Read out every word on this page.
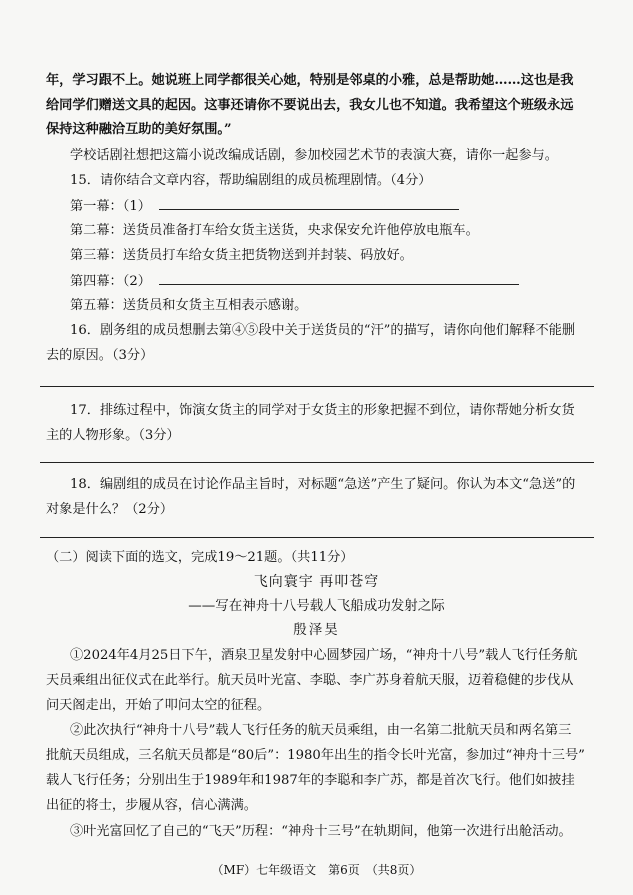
年，学习跟不上。她说班上同学都很关心她，特别是邻桌的小雅，总是帮助她……这也是我
给同学们赠送文具的起因。这事还请你不要说出去，我女儿也不知道。我希望这个班级永远
保持这种融洽互助的美好氛围。”
学校话剧社想把这篇小说改编成话剧，参加校园艺术节的表演大赛，请你一起参与。
15．请你结合文章内容，帮助编剧组的成员梳理剧情。（4分）
第一幕：（1）
第二幕：送货员准备打车给女货主送货，央求保安允许他停放电瓶车。
第三幕：送货员打车给女货主把货物送到并封装、码放好。
第四幕：（2）
第五幕：送货员和女货主互相表示感谢。
16．剧务组的成员想删去第④⑤段中关于送货员的“汗”的描写，请你向他们解释不能删
去的原因。（3分）
17．排练过程中，饰演女货主的同学对于女货主的形象把握不到位，请你帮她分析女货
主的人物形象。（3分）
18．编剧组的成员在讨论作品主旨时，对标题“急送”产生了疑问。你认为本文“急送”的
对象是什么？（2分）
（二）阅读下面的选文，完成19～21题。（共11分）
飞向寰宇 再叩苍穹
——写在神舟十八号载人飞船成功发射之际
殷泽昊
①2024年4月25日下午，酒泉卫星发射中心圆梦园广场，“神舟十八号”载人飞行任务航
天员乘组出征仪式在此举行。航天员叶光富、李聪、李广苏身着航天服，迈着稳健的步伐从
问天阁走出，开始了叩问太空的征程。
②此次执行“神舟十八号”载人飞行任务的航天员乘组，由一名第二批航天员和两名第三
批航天员组成，三名航天员都是“80后”：1980年出生的指令长叶光富，参加过“神舟十三号”
载人飞行任务；分别出生于1989年和1987年的李聪和李广苏，都是首次飞行。他们如披挂
出征的将士，步履从容，信心满满。
③叶光富回忆了自己的“飞天”历程：“神舟十三号”在轨期间，他第一次进行出舱活动。
（MF）七年级语文　第6页　（共8页）
